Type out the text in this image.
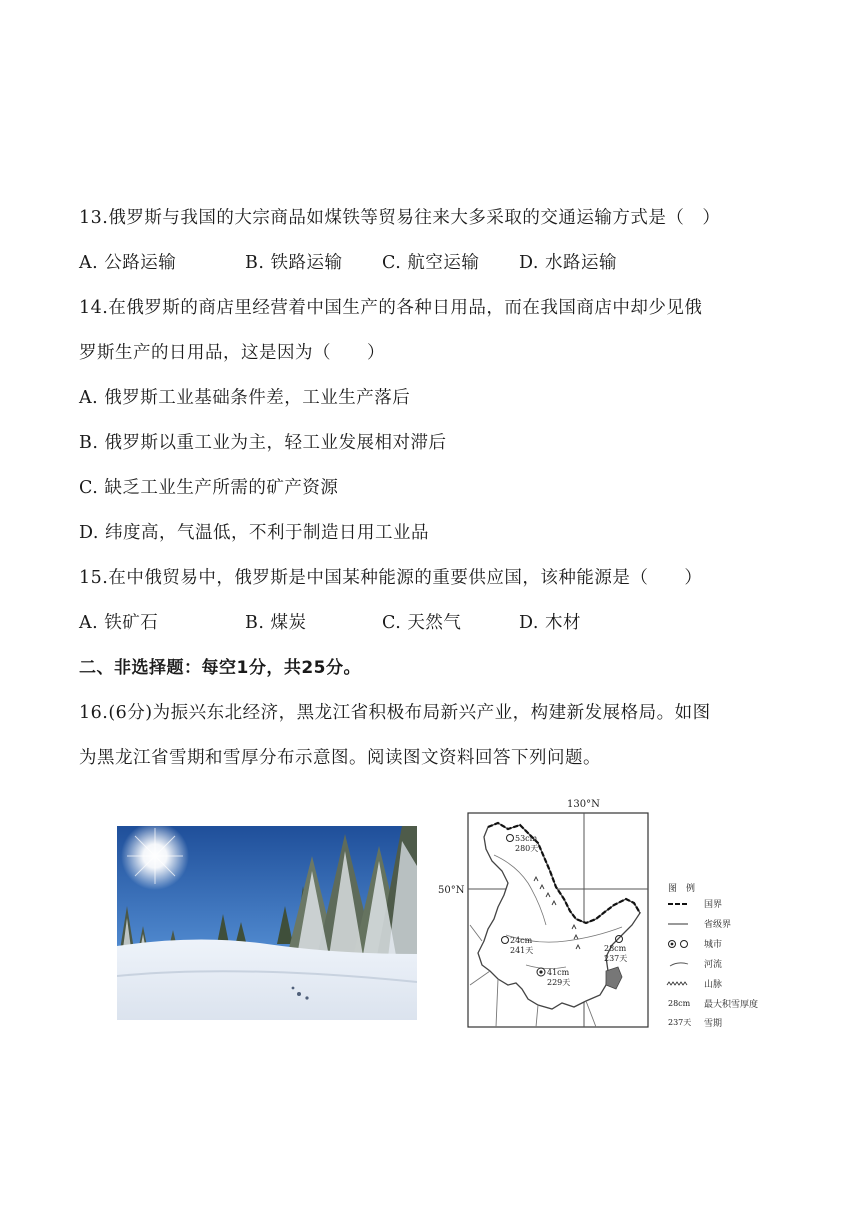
13.俄罗斯与我国的大宗商品如煤铁等贸易往来大多采取的交通运输方式是（　）
A. 公路运输	B. 铁路运输	C. 航空运输	D. 水路运输
14.在俄罗斯的商店里经营着中国生产的各种日用品，而在我国商店中却少见俄
罗斯生产的日用品，这是因为（　　）
A. 俄罗斯工业基础条件差，工业生产落后
B. 俄罗斯以重工业为主，轻工业发展相对滞后
C. 缺乏工业生产所需的矿产资源
D. 纬度高，气温低，不利于制造日用工业品
15.在中俄贸易中，俄罗斯是中国某种能源的重要供应国，该种能源是（　　）
A. 铁矿石	B. 煤炭	C. 天然气	D. 木材
二、非选择题：每空1分，共25分。
16.(6分)为振兴东北经济，黑龙江省积极布局新兴产业，构建新发展格局。如图
为黑龙江省雪期和雪厚分布示意图。阅读图文资料回答下列问题。
130°N
50°N
53cm
280天
24cm
241天
41cm
229天
28cm
237天
图　例
国界
省级界
城市
河流
山脉
28cm 最大积雪厚度
237天 雪期
